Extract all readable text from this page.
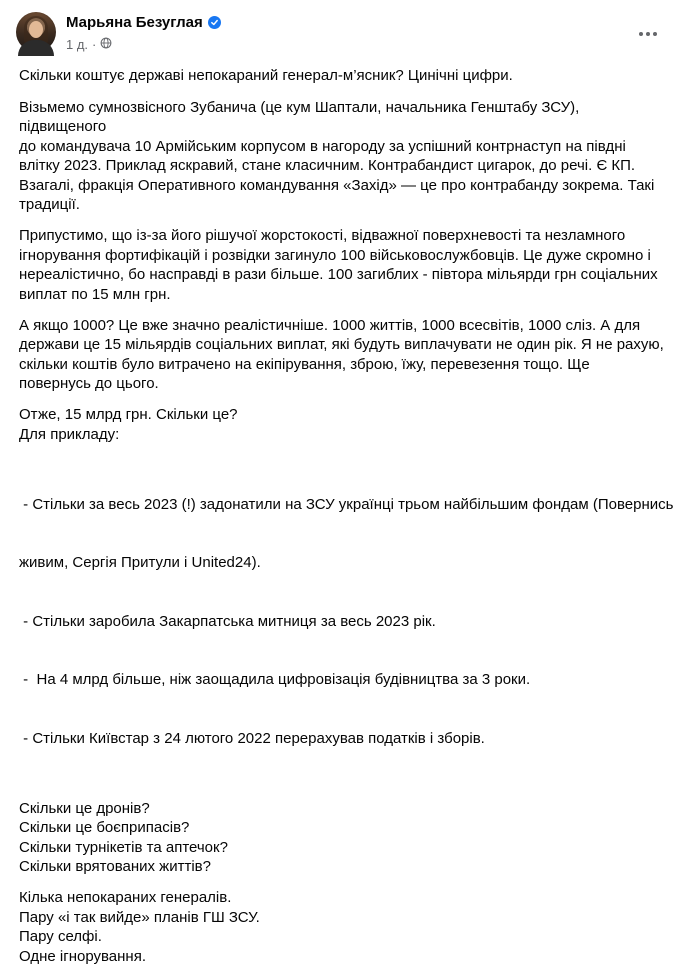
Марьяна Безуглая
1 д. ·

Скільки коштує державі непокараний генерал-м’ясник? Цинічні цифри.

Візьмемо сумнозвісного Зубанича (це кум Шаптали, начальника Генштабу ЗСУ), підвищеного
до командувача 10 Армійським корпусом в нагороду за успішний контрнаступ на півдні
влітку 2023. Приклад яскравий, стане класичним. Контрабандист цигарок, до речі. Є КП.
Взагалі, фракція Оперативного командування «Захід» — це про контрабанду зокрема. Такі
традиції.

Припустимо, що із-за його рішучої жорстокості, відважної поверхневості та незламного
ігнорування фортифікацій і розвідки загинуло 100 військовослужбовців. Це дуже скромно і
нереалістично, бо насправді в рази більше. 100 загиблих - півтора мільярди грн соціальних
виплат по 15 млн грн.

А якщо 1000? Це вже значно реалістичніше. 1000 життів, 1000 всесвітів, 1000 сліз. А для
держави це 15 мільярдів соціальних виплат, які будуть виплачувати не один рік. Я не рахую,
скільки коштів було витрачено на екіпірування, зброю, їжу, перевезення тощо. Ще
повернусь до цього.

Отже, 15 млрд грн. Скільки це?
Для прикладу:

- Стільки за весь 2023 (!) задонатили на ЗСУ українці трьом найбільшим фондам (Повернись

живим, Сергія Притули і United24).

- Стільки заробила Закарпатська митниця за весь 2023 рік.

-  На 4 млрд більше, ніж заощадила цифровізація будівництва за 3 роки.

- Стільки Київстар з 24 лютого 2022 перерахував податків і зборів.

Скільки це дронів?
Скільки це боєприпасів?
Скільки турнікетів та аптечок?
Скільки врятованих життів?

Кілька непокараних генералів.
Пару «і так вийде» планів ГШ ЗСУ.
Пару селфі.
Одне ігнорування.
